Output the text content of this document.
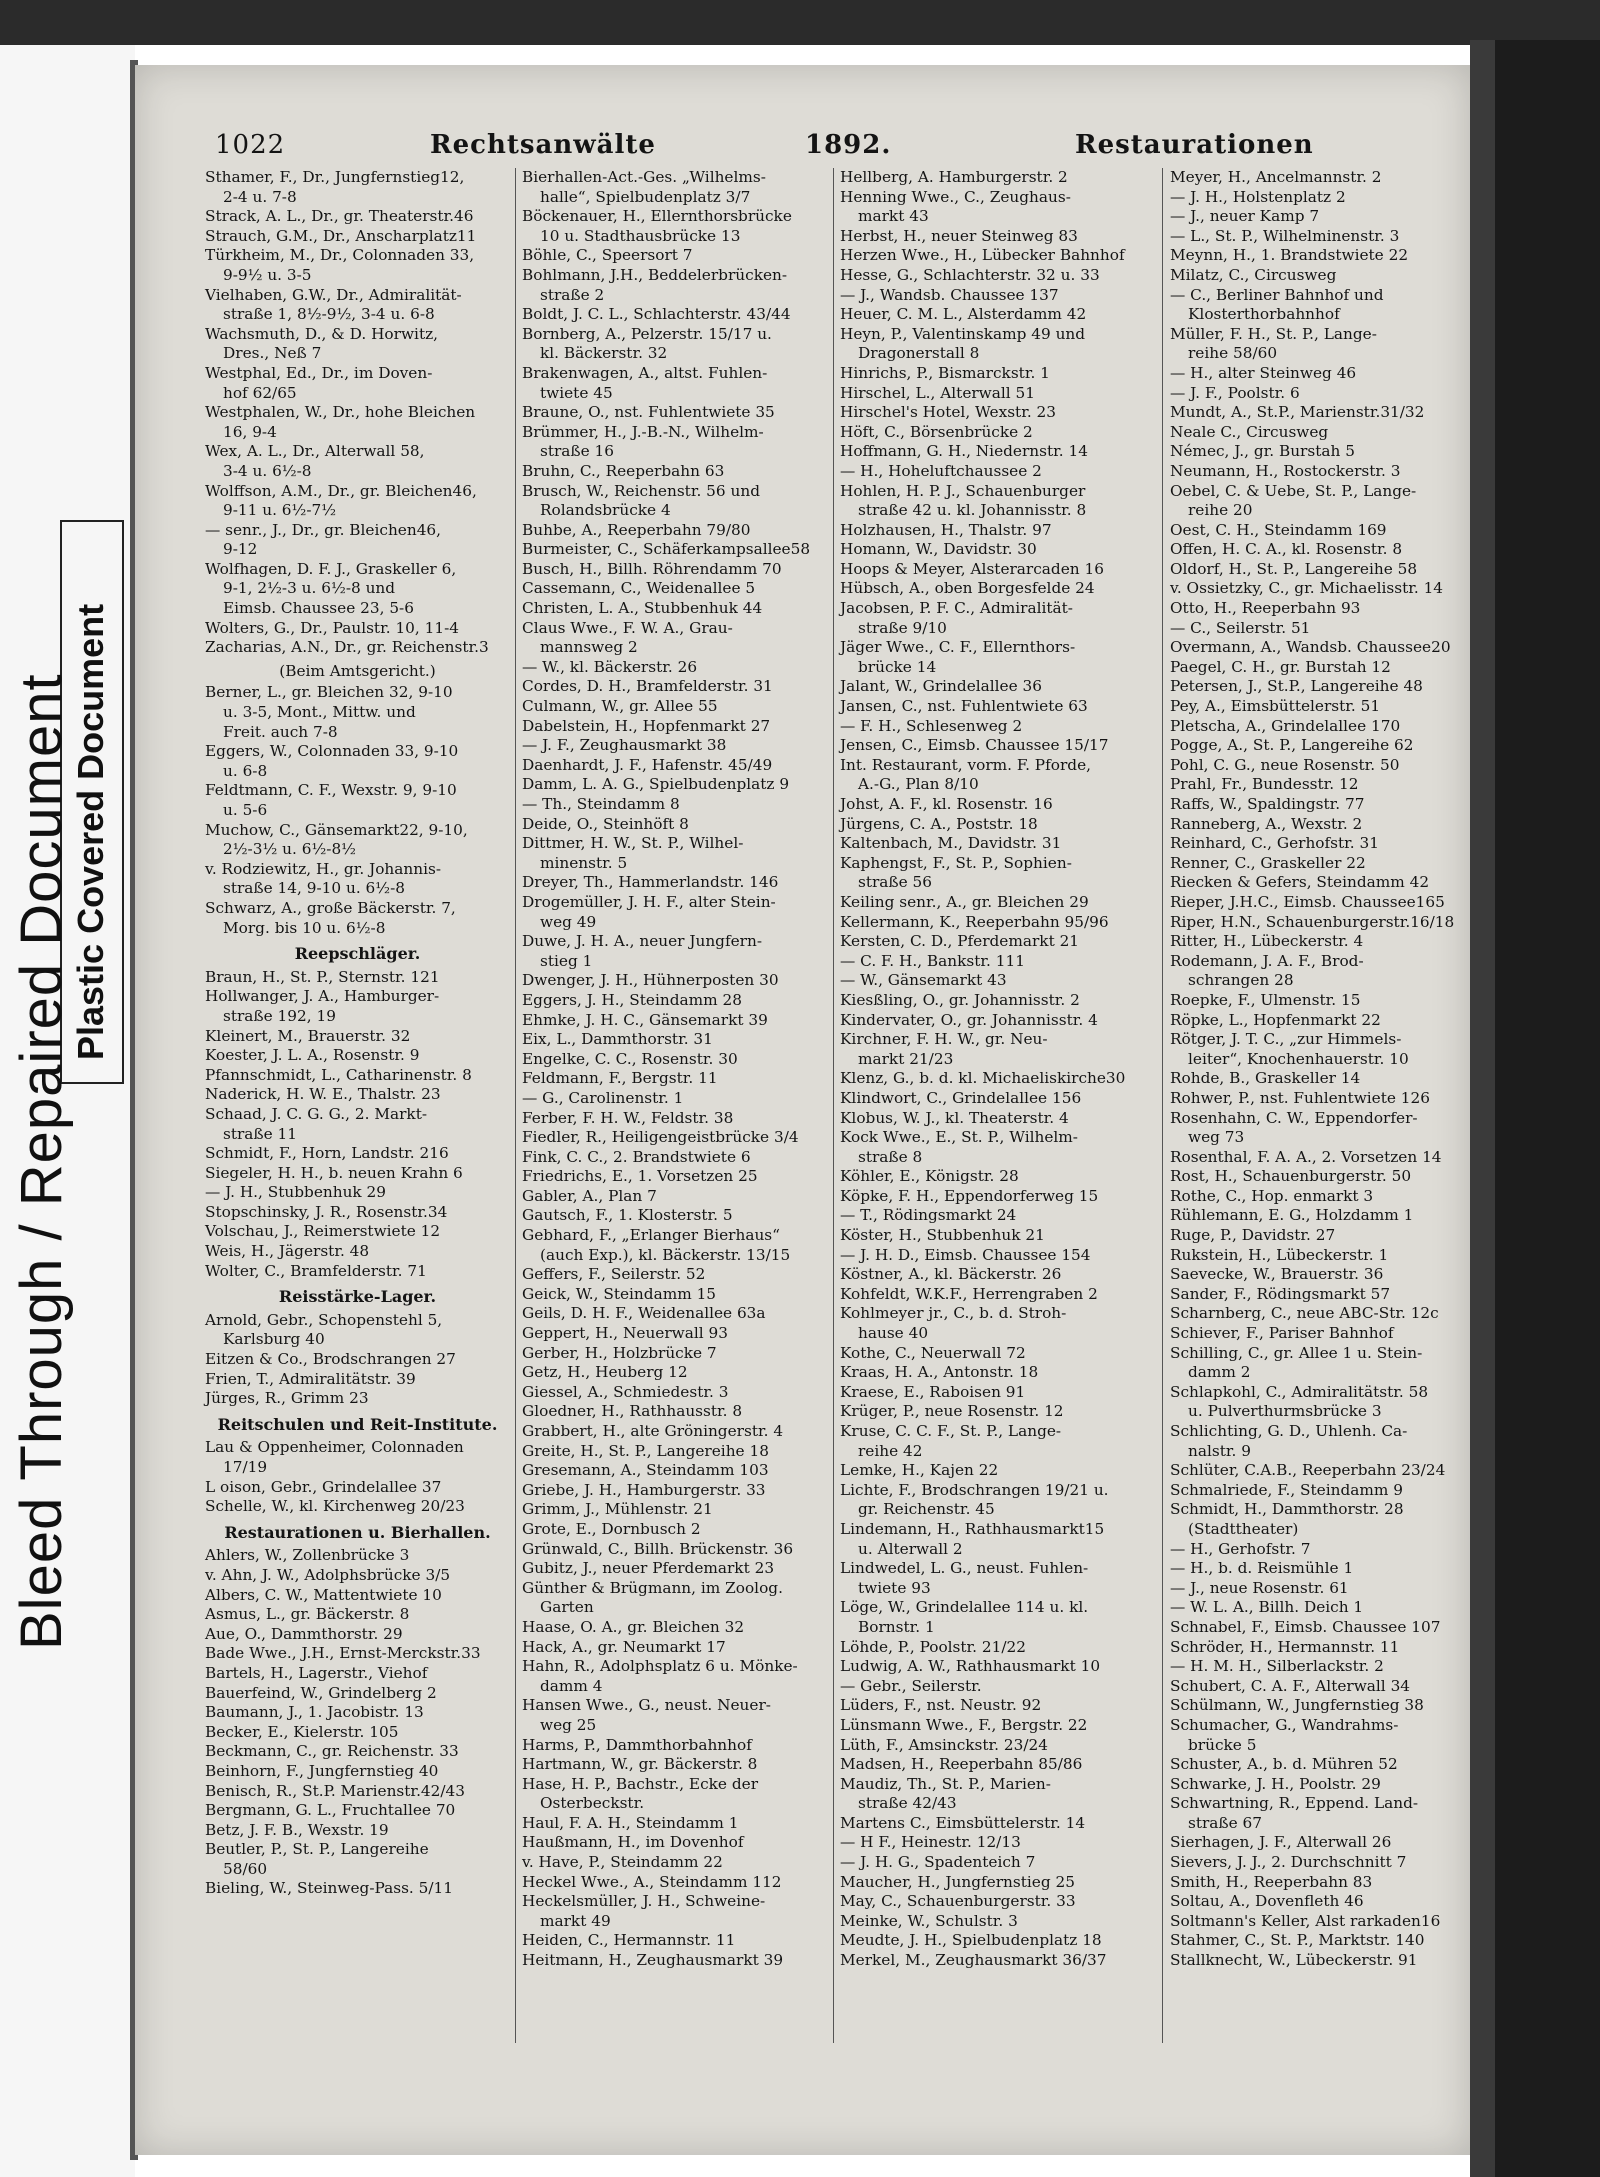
Bleed Through / Repaired Document
Plastic Covered Document
1022	Rechtsanwälte	1892.	Restaurationen
Sthamer, F., Dr., Jungfernstieg12,
2-4 u. 7-8
Strack, A. L., Dr., gr. Theaterstr.46
Strauch, G.M., Dr., Anscharplatz11
Türkheim, M., Dr., Colonnaden 33,
9-9½ u. 3-5
Vielhaben, G.W., Dr., Admiralität-
straße 1, 8½-9½, 3-4 u. 6-8
Wachsmuth, D., & D. Horwitz,
Dres., Neß 7
Westphal, Ed., Dr., im Doven-
hof 62/65
Westphalen, W., Dr., hohe Bleichen
16, 9-4
Wex, A. L., Dr., Alterwall 58,
3-4 u. 6½-8
Wolffson, A.M., Dr., gr. Bleichen46,
9-11 u. 6½-7½
— senr., J., Dr., gr. Bleichen46,
9-12
Wolfhagen, D. F. J., Graskeller 6,
9-1, 2½-3 u. 6½-8 und
Eimsb. Chaussee 23, 5-6
Wolters, G., Dr., Paulstr. 10, 11-4
Zacharias, A.N., Dr., gr. Reichenstr.3
(Beim Amtsgericht.)
Berner, L., gr. Bleichen 32, 9-10
u. 3-5, Mont., Mittw. und
Freit. auch 7-8
Eggers, W., Colonnaden 33, 9-10
u. 6-8
Feldtmann, C. F., Wexstr. 9, 9-10
u. 5-6
Muchow, C., Gänsemarkt22, 9-10,
2½-3½ u. 6½-8½
v. Rodziewitz, H., gr. Johannis-
straße 14, 9-10 u. 6½-8
Schwarz, A., große Bäckerstr. 7,
Morg. bis 10 u. 6½-8
Reepschläger.
Braun, H., St. P., Sternstr. 121
Hollwanger, J. A., Hamburger-
straße 192, 19
Kleinert, M., Brauerstr. 32
Koester, J. L. A., Rosenstr. 9
Pfannschmidt, L., Catharinenstr. 8
Naderick, H. W. E., Thalstr. 23
Schaad, J. C. G. G., 2. Markt-
straße 11
Schmidt, F., Horn, Landstr. 216
Siegeler, H. H., b. neuen Krahn 6
— J. H., Stubbenhuk 29
Stopschinsky, J. R., Rosenstr.34
Volschau, J., Reimerstwiete 12
Weis, H., Jägerstr. 48
Wolter, C., Bramfelderstr. 71
Reisstärke-Lager.
Arnold, Gebr., Schopenstehl 5,
Karlsburg 40
Eitzen & Co., Brodschrangen 27
Frien, T., Admiralitätstr. 39
Jürges, R., Grimm 23
Reitschulen und Reit-Institute.
Lau & Oppenheimer, Colonnaden
17/19
L oison, Gebr., Grindelallee 37
Schelle, W., kl. Kirchenweg 20/23
Restaurationen u. Bierhallen.
Ahlers, W., Zollenbrücke 3
v. Ahn, J. W., Adolphsbrücke 3/5
Albers, C. W., Mattentwiete 10
Asmus, L., gr. Bäckerstr. 8
Aue, O., Dammthorstr. 29
Bade Wwe., J.H., Ernst-Merckstr.33
Bartels, H., Lagerstr., Viehof
Bauerfeind, W., Grindelberg 2
Baumann, J., 1. Jacobistr. 13
Becker, E., Kielerstr. 105
Beckmann, C., gr. Reichenstr. 33
Beinhorn, F., Jungfernstieg 40
Benisch, R., St.P. Marienstr.42/43
Bergmann, G. L., Fruchtallee 70
Betz, J. F. B., Wexstr. 19
Beutler, P., St. P., Langereihe
58/60
Bieling, W., Steinweg-Pass. 5/11
Bierhallen-Act.-Ges. „Wilhelms-
halle“, Spielbudenplatz 3/7
Böckenauer, H., Ellernthorsbrücke
10 u. Stadthausbrücke 13
Böhle, C., Speersort 7
Bohlmann, J.H., Beddelerbrücken-
straße 2
Boldt, J. C. L., Schlachterstr. 43/44
Bornberg, A., Pelzerstr. 15/17 u.
kl. Bäckerstr. 32
Brakenwagen, A., altst. Fuhlen-
twiete 45
Braune, O., nst. Fuhlentwiete 35
Brümmer, H., J.-B.-N., Wilhelm-
straße 16
Bruhn, C., Reeperbahn 63
Brusch, W., Reichenstr. 56 und
Rolandsbrücke 4
Buhbe, A., Reeperbahn 79/80
Burmeister, C., Schäferkampsallee58
Busch, H., Billh. Röhrendamm 70
Cassemann, C., Weidenallee 5
Christen, L. A., Stubbenhuk 44
Claus Wwe., F. W. A., Grau-
mannsweg 2
— W., kl. Bäckerstr. 26
Cordes, D. H., Bramfelderstr. 31
Culmann, W., gr. Allee 55
Dabelstein, H., Hopfenmarkt 27
— J. F., Zeughausmarkt 38
Daenhardt, J. F., Hafenstr. 45/49
Damm, L. A. G., Spielbudenplatz 9
— Th., Steindamm 8
Deide, O., Steinhöft 8
Dittmer, H. W., St. P., Wilhel-
minenstr. 5
Dreyer, Th., Hammerlandstr. 146
Drogemüller, J. H. F., alter Stein-
weg 49
Duwe, J. H. A., neuer Jungfern-
stieg 1
Dwenger, J. H., Hühnerposten 30
Eggers, J. H., Steindamm 28
Ehmke, J. H. C., Gänsemarkt 39
Eix, L., Dammthorstr. 31
Engelke, C. C., Rosenstr. 30
Feldmann, F., Bergstr. 11
— G., Carolinenstr. 1
Ferber, F. H. W., Feldstr. 38
Fiedler, R., Heiligengeistbrücke 3/4
Fink, C. C., 2. Brandstwiete 6
Friedrichs, E., 1. Vorsetzen 25
Gabler, A., Plan 7
Gautsch, F., 1. Klosterstr. 5
Gebhard, F., „Erlanger Bierhaus“
(auch Exp.), kl. Bäckerstr. 13/15
Geffers, F., Seilerstr. 52
Geick, W., Steindamm 15
Geils, D. H. F., Weidenallee 63a
Geppert, H., Neuerwall 93
Gerber, H., Holzbrücke 7
Getz, H., Heuberg 12
Giessel, A., Schmiedestr. 3
Gloedner, H., Rathhausstr. 8
Grabbert, H., alte Gröningerstr. 4
Greite, H., St. P., Langereihe 18
Gresemann, A., Steindamm 103
Griebe, J. H., Hamburgerstr. 33
Grimm, J., Mühlenstr. 21
Grote, E., Dornbusch 2
Grünwald, C., Billh. Brückenstr. 36
Gubitz, J., neuer Pferdemarkt 23
Günther & Brügmann, im Zoolog.
Garten
Haase, O. A., gr. Bleichen 32
Hack, A., gr. Neumarkt 17
Hahn, R., Adolphsplatz 6 u. Mönke-
damm 4
Hansen Wwe., G., neust. Neuer-
weg 25
Harms, P., Dammthorbahnhof
Hartmann, W., gr. Bäckerstr. 8
Hase, H. P., Bachstr., Ecke der
Osterbeckstr.
Haul, F. A. H., Steindamm 1
Haußmann, H., im Dovenhof
v. Have, P., Steindamm 22
Heckel Wwe., A., Steindamm 112
Heckelsmüller, J. H., Schweine-
markt 49
Heiden, C., Hermannstr. 11
Heitmann, H., Zeughausmarkt 39
Hellberg, A. Hamburgerstr. 2
Henning Wwe., C., Zeughaus-
markt 43
Herbst, H., neuer Steinweg 83
Herzen Wwe., H., Lübecker Bahnhof
Hesse, G., Schlachterstr. 32 u. 33
— J., Wandsb. Chaussee 137
Heuer, C. M. L., Alsterdamm 42
Heyn, P., Valentinskamp 49 und
Dragonerstall 8
Hinrichs, P., Bismarckstr. 1
Hirschel, L., Alterwall 51
Hirschel's Hotel, Wexstr. 23
Höft, C., Börsenbrücke 2
Hoffmann, G. H., Niedernstr. 14
— H., Hoheluftchaussee 2
Hohlen, H. P. J., Schauenburger
straße 42 u. kl. Johannisstr. 8
Holzhausen, H., Thalstr. 97
Homann, W., Davidstr. 30
Hoops & Meyer, Alsterarcaden 16
Hübsch, A., oben Borgesfelde 24
Jacobsen, P. F. C., Admiralität-
straße 9/10
Jäger Wwe., C. F., Ellernthors-
brücke 14
Jalant, W., Grindelallee 36
Jansen, C., nst. Fuhlentwiete 63
— F. H., Schlesenweg 2
Jensen, C., Eimsb. Chaussee 15/17
Int. Restaurant, vorm. F. Pforde,
A.-G., Plan 8/10
Johst, A. F., kl. Rosenstr. 16
Jürgens, C. A., Poststr. 18
Kaltenbach, M., Davidstr. 31
Kaphengst, F., St. P., Sophien-
straße 56
Keiling senr., A., gr. Bleichen 29
Kellermann, K., Reeperbahn 95/96
Kersten, C. D., Pferdemarkt 21
— C. F. H., Bankstr. 111
— W., Gänsemarkt 43
Kiesßling, O., gr. Johannisstr. 2
Kindervater, O., gr. Johannisstr. 4
Kirchner, F. H. W., gr. Neu-
markt 21/23
Klenz, G., b. d. kl. Michaeliskirche30
Klindwort, C., Grindelallee 156
Klobus, W. J., kl. Theaterstr. 4
Kock Wwe., E., St. P., Wilhelm-
straße 8
Köhler, E., Königstr. 28
Köpke, F. H., Eppendorferweg 15
— T., Rödingsmarkt 24
Köster, H., Stubbenhuk 21
— J. H. D., Eimsb. Chaussee 154
Köstner, A., kl. Bäckerstr. 26
Kohfeldt, W.K.F., Herrengraben 2
Kohlmeyer jr., C., b. d. Stroh-
hause 40
Kothe, C., Neuerwall 72
Kraas, H. A., Antonstr. 18
Kraese, E., Raboisen 91
Krüger, P., neue Rosenstr. 12
Kruse, C. C. F., St. P., Lange-
reihe 42
Lemke, H., Kajen 22
Lichte, F., Brodschrangen 19/21 u.
gr. Reichenstr. 45
Lindemann, H., Rathhausmarkt15
u. Alterwall 2
Lindwedel, L. G., neust. Fuhlen-
twiete 93
Löge, W., Grindelallee 114 u. kl.
Bornstr. 1
Löhde, P., Poolstr. 21/22
Ludwig, A. W., Rathhausmarkt 10
— Gebr., Seilerstr.
Lüders, F., nst. Neustr. 92
Lünsmann Wwe., F., Bergstr. 22
Lüth, F., Amsinckstr. 23/24
Madsen, H., Reeperbahn 85/86
Maudiz, Th., St. P., Marien-
straße 42/43
Martens C., Eimsbüttelerstr. 14
— H F., Heinestr. 12/13
— J. H. G., Spadenteich 7
Maucher, H., Jungfernstieg 25
May, C., Schauenburgerstr. 33
Meinke, W., Schulstr. 3
Meudte, J. H., Spielbudenplatz 18
Merkel, M., Zeughausmarkt 36/37
Meyer, H., Ancelmannstr. 2
— J. H., Holstenplatz 2
— J., neuer Kamp 7
— L., St. P., Wilhelminenstr. 3
Meynn, H., 1. Brandstwiete 22
Milatz, C., Circusweg
— C., Berliner Bahnhof und
Klosterthorbahnhof
Müller, F. H., St. P., Lange-
reihe 58/60
— H., alter Steinweg 46
— J. F., Poolstr. 6
Mundt, A., St.P., Marienstr.31/32
Neale C., Circusweg
Némec, J., gr. Burstah 5
Neumann, H., Rostockerstr. 3
Oebel, C. & Uebe, St. P., Lange-
reihe 20
Oest, C. H., Steindamm 169
Offen, H. C. A., kl. Rosenstr. 8
Oldorf, H., St. P., Langereihe 58
v. Ossietzky, C., gr. Michaelisstr. 14
Otto, H., Reeperbahn 93
— C., Seilerstr. 51
Overmann, A., Wandsb. Chaussee20
Paegel, C. H., gr. Burstah 12
Petersen, J., St.P., Langereihe 48
Pey, A., Eimsbüttelerstr. 51
Pletscha, A., Grindelallee 170
Pogge, A., St. P., Langereihe 62
Pohl, C. G., neue Rosenstr. 50
Prahl, Fr., Bundesstr. 12
Raffs, W., Spaldingstr. 77
Ranneberg, A., Wexstr. 2
Reinhard, C., Gerhofstr. 31
Renner, C., Graskeller 22
Riecken & Gefers, Steindamm 42
Rieper, J.H.C., Eimsb. Chaussee165
Riper, H.N., Schauenburgerstr.16/18
Ritter, H., Lübeckerstr. 4
Rodemann, J. A. F., Brod-
schrangen 28
Roepke, F., Ulmenstr. 15
Röpke, L., Hopfenmarkt 22
Rötger, J. T. C., „zur Himmels-
leiter“, Knochenhauerstr. 10
Rohde, B., Graskeller 14
Rohwer, P., nst. Fuhlentwiete 126
Rosenhahn, C. W., Eppendorfer-
weg 73
Rosenthal, F. A. A., 2. Vorsetzen 14
Rost, H., Schauenburgerstr. 50
Rothe, C., Hop. enmarkt 3
Rühlemann, E. G., Holzdamm 1
Ruge, P., Davidstr. 27
Rukstein, H., Lübeckerstr. 1
Saevecke, W., Brauerstr. 36
Sander, F., Rödingsmarkt 57
Scharnberg, C., neue ABC-Str. 12c
Schiever, F., Pariser Bahnhof
Schilling, C., gr. Allee 1 u. Stein-
damm 2
Schlapkohl, C., Admiralitätstr. 58
u. Pulverthurmsbrücke 3
Schlichting, G. D., Uhlenh. Ca-
nalstr. 9
Schlüter, C.A.B., Reeperbahn 23/24
Schmalriede, F., Steindamm 9
Schmidt, H., Dammthorstr. 28
(Stadttheater)
— H., Gerhofstr. 7
— H., b. d. Reismühle 1
— J., neue Rosenstr. 61
— W. L. A., Billh. Deich 1
Schnabel, F., Eimsb. Chaussee 107
Schröder, H., Hermannstr. 11
— H. M. H., Silberlackstr. 2
Schubert, C. A. F., Alterwall 34
Schülmann, W., Jungfernstieg 38
Schumacher, G., Wandrahms-
brücke 5
Schuster, A., b. d. Mühren 52
Schwarke, J. H., Poolstr. 29
Schwartning, R., Eppend. Land-
straße 67
Sierhagen, J. F., Alterwall 26
Sievers, J. J., 2. Durchschnitt 7
Smith, H., Reeperbahn 83
Soltau, A., Dovenfleth 46
Soltmann's Keller, Alst rarkaden16
Stahmer, C., St. P., Marktstr. 140
Stallknecht, W., Lübeckerstr. 91
